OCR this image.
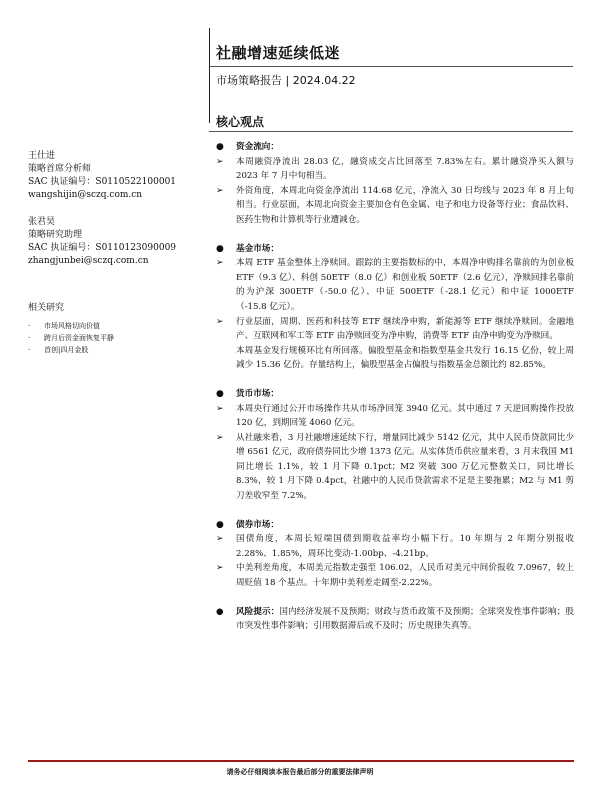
社融增速延续低迷
市场策略报告 | 2024.04.22
核心观点
王仕进
策略首席分析师
SAC 执证编号：S0110522100001
wangshijin@sczq.com.cn
张君昊
策略研究助理
SAC 执证编号：S0110123090009
zhangjunbei@sczq.com.cn
相关研究
· 市场风格切向价值
· 跨月后资金面恢复平静
· 首创|四月金股
●	资金流向：
➢	本周融资净流出 28.03 亿，融资成交占比回落至 7.83%左右。累计融资净买入额与 2023 年 7 月中旬相当。
➢	外资角度，本周北向资金净流出 114.68 亿元，净流入 30 日均线与 2023 年 8 月上旬相当。行业层面，本周北向资金主要加仓有色金属、电子和电力设备等行业；食品饮料、医药生物和计算机等行业遭减仓。
●	基金市场：
➢	本周 ETF 基金整体上净赎回。跟踪的主要指数标的中，本周净申购排名靠前的为创业板 ETF（9.3 亿）、科创 50ETF（8.0 亿）和创业板 50ETF（2.6 亿元），净赎回排名靠前的为沪深 300ETF（-50.0 亿）、中证 500ETF（-28.1 亿元）和中证 1000ETF（-15.8 亿元）。
➢	行业层面，周期、医药和科技等 ETF 继续净申购，新能源等 ETF 继续净赎回。金融地产、互联网和军工等 ETF 由净赎回变为净申购，消费等 ETF 由净申购变为净赎回。
本周基金发行规模环比有所回落。偏股型基金和指数型基金共发行 16.15 亿份，较上周减少 15.36 亿份。存量结构上，偏股型基金占偏股与指数基金总额比约 82.85%。
●	货币市场：
➢	本周央行通过公开市场操作共从市场净回笼 3940 亿元。其中通过 7 天逆回购操作投放 120 亿，到期回笼 4060 亿元。
➢	从社融来看，3 月社融增速延续下行，增量同比减少 5142 亿元，其中人民币贷款同比少增 6561 亿元，政府债券同比少增 1373 亿元。从实体货币供应量来看，3 月末我国 M1 同比增长 1.1%，较 1 月下降 0.1pct；M2 突破 300 万亿元整数关口，同比增长 8.3%，较 1 月下降 0.4pct，社融中的人民币贷款需求不足是主要拖累；M2 与 M1 剪刀差收窄至 7.2%。
●	债券市场：
➢	国债角度，本周长短端国债到期收益率均小幅下行。10 年期与 2 年期分别报收 2.28%、1.85%，周环比变动-1.00bp、-4.21bp。
➢	中美利差角度，本周美元指数走强至 106.02，人民币对美元中间价报收 7.0967，较上周贬值 18 个基点。十年期中美利差走阔至-2.22%。
●	风险提示：国内经济发展不及预期；财政与货币政策不及预期；全球突发性事件影响；股市突发性事件影响；引用数据滞后或不及时；历史规律失真等。
请务必仔细阅读本报告最后部分的重要法律声明
